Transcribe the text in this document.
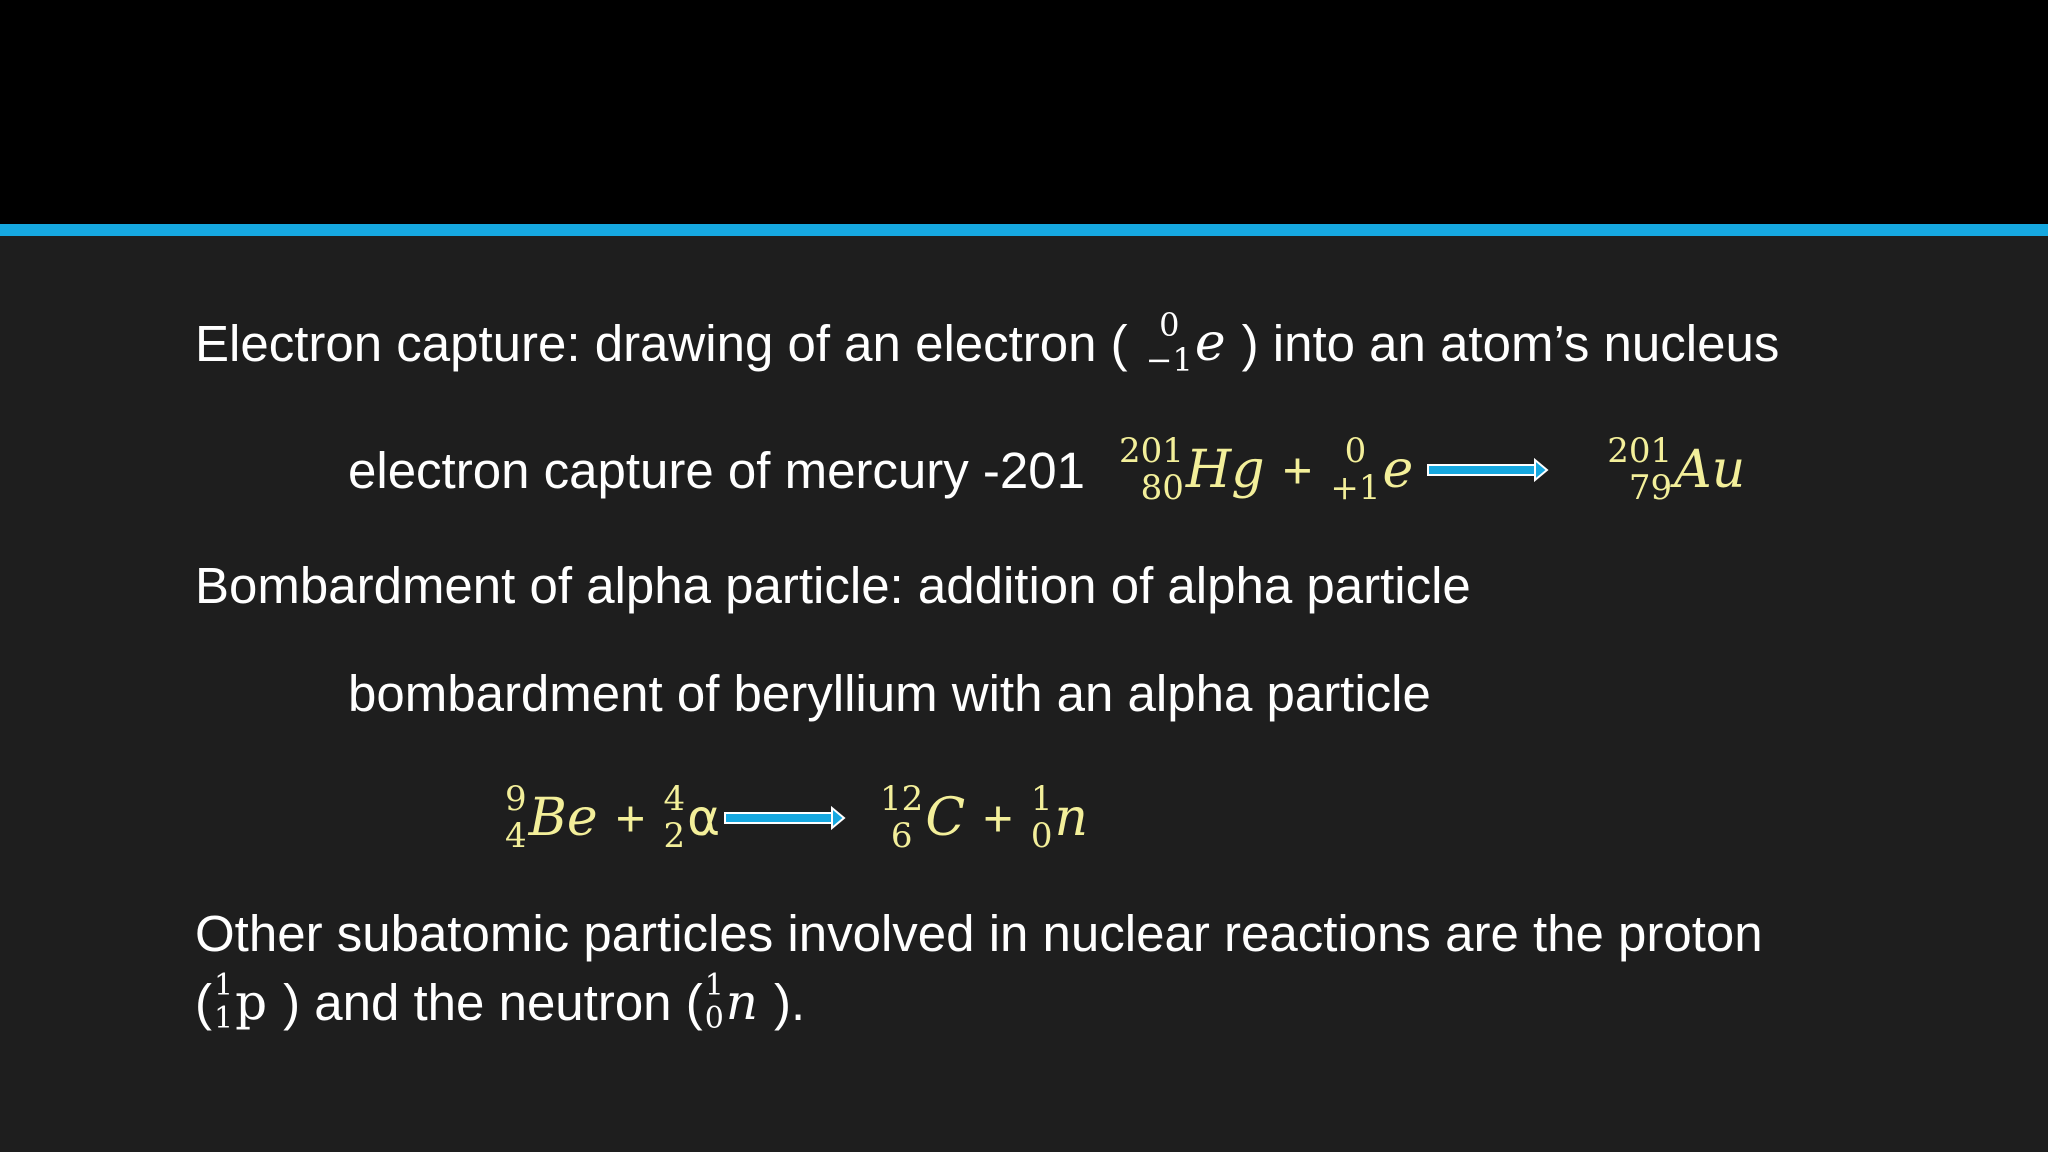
Electron capture: drawing of an electron ( 0
−1 e ) into an atom’s nucleus
electron capture of mercury -201 201
80 Hg + 0
+1 e → 201
79 Au
Bombardment of alpha particle: addition of alpha particle
bombardment of beryllium with an alpha particle
9
4 Be + 4
2 α → 12
6 C + 1
0 n
Other subatomic particles involved in nuclear reactions are the proton
( 1
1 p ) and the neutron ( 1
0 n ).
